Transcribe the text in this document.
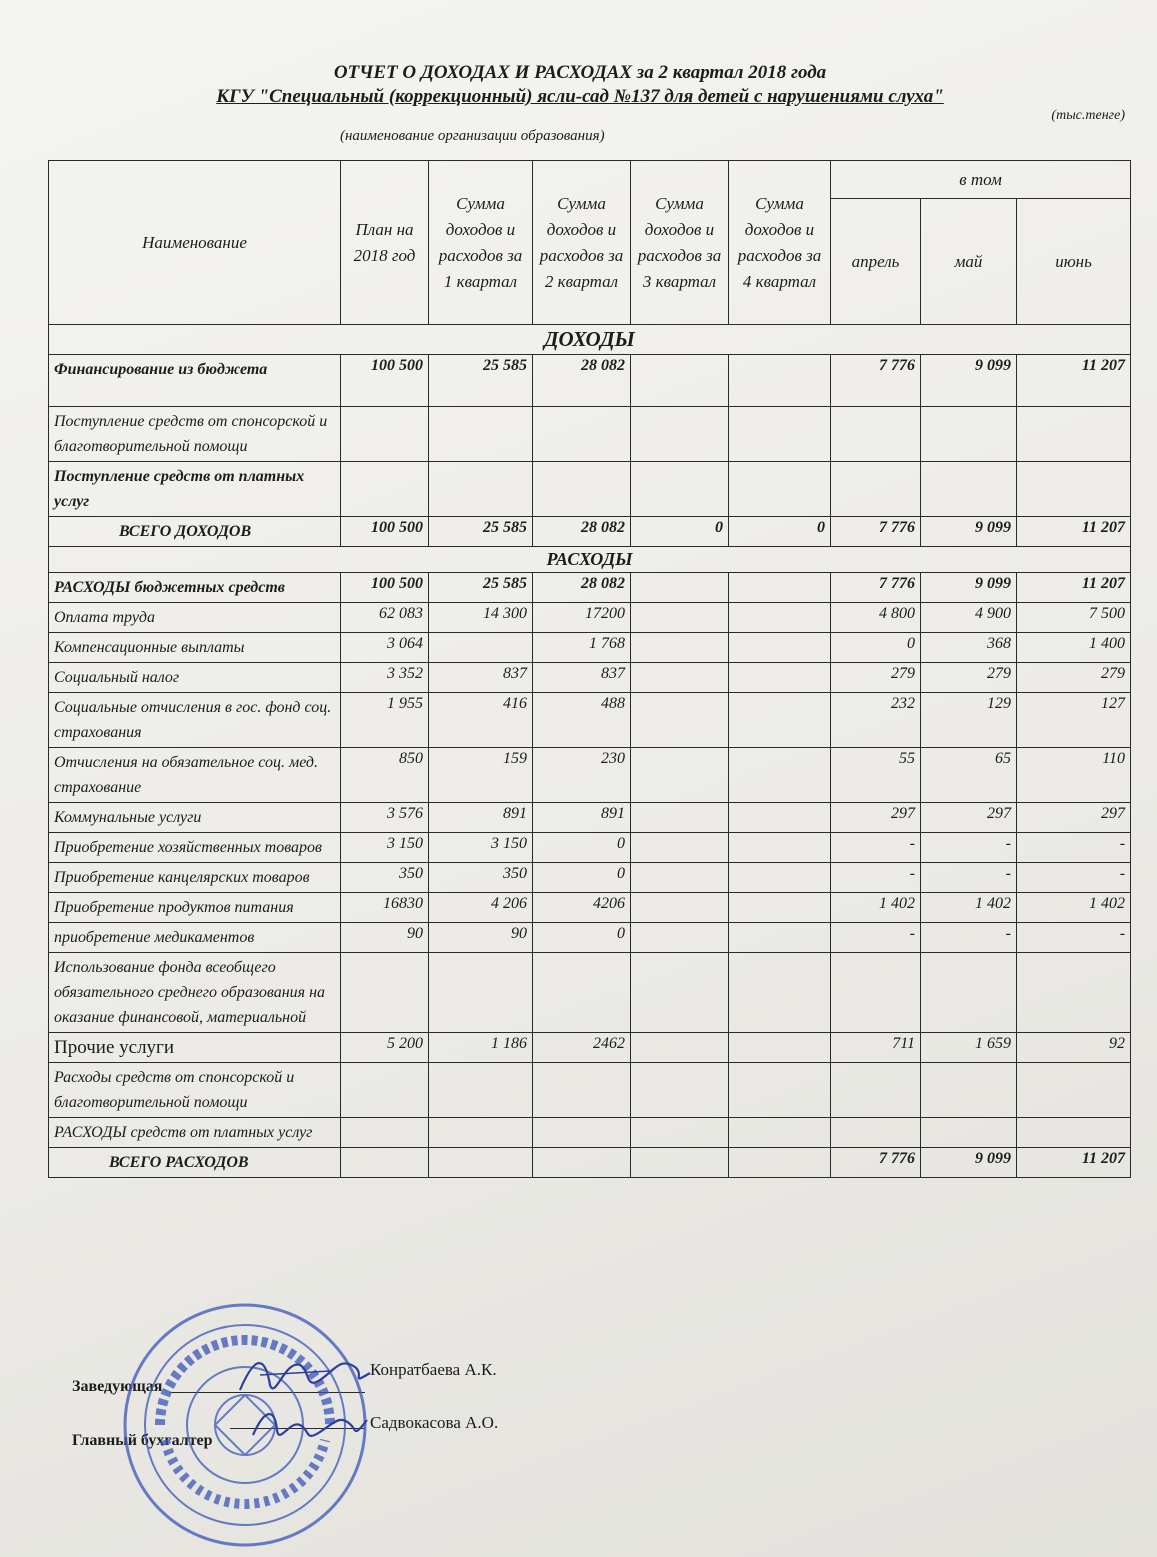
ОТЧЕТ О ДОХОДАХ И РАСХОДАХ за 2 квартал 2018 года
КГУ "Специальный (коррекционный) ясли-сад №137 для детей с нарушениями слуха"
(тыс.тенге)
(наименование организации образования)
Наименование	План на 2018 год	Сумма доходов и расходов за 1 квартал	Сумма доходов и расходов за 2 квартал	Сумма доходов и расходов за 3 квартал	Сумма доходов и расходов за 4 квартал	в том		
						апрель	май	июнь
ДОХОДЫ								
Финансирование из бюджета	100 500	25 585	28 082			7 776	9 099	11 207
Поступление средств от спонсорской и благотворительной помощи								
Поступление средств от платных услуг								
ВСЕГО ДОХОДОВ	100 500	25 585	28 082	0	0	7 776	9 099	11 207
РАСХОДЫ								
РАСХОДЫ бюджетных средств	100 500	25 585	28 082			7 776	9 099	11 207
Оплата труда	62 083	14 300	17200			4 800	4 900	7 500
Компенсационные выплаты	3 064		1 768			0	368	1 400
Социальный налог	3 352	837	837			279	279	279
Социальные отчисления в гос. фонд соц. страхования	1 955	416	488			232	129	127
Отчисления на обязательное соц. мед. страхование	850	159	230			55	65	110
Коммунальные услуги	3 576	891	891			297	297	297
Приобретение хозяйственных товаров	3 150	3 150	0			-	-	-
Приобретение канцелярских товаров	350	350	0			-	-	-
Приобретение продуктов питания	16830	4 206	4206			1 402	1 402	1 402
приобретение медикаментов	90	90	0			-	-	-
Использование фонда всеобщего обязательного среднего образования на оказание финансовой, материальной								
Прочие услуги	5 200	1 186	2462			711	1 659	92
Расходы средств от спонсорской и благотворительной помощи								
РАСХОДЫ средств от платных услуг								
ВСЕГО РАСХОДОВ						7 776	9 099	11 207
Заведующая
Конратбаева А.К.
Главный бухгалтер
Садвокасова А.О.
